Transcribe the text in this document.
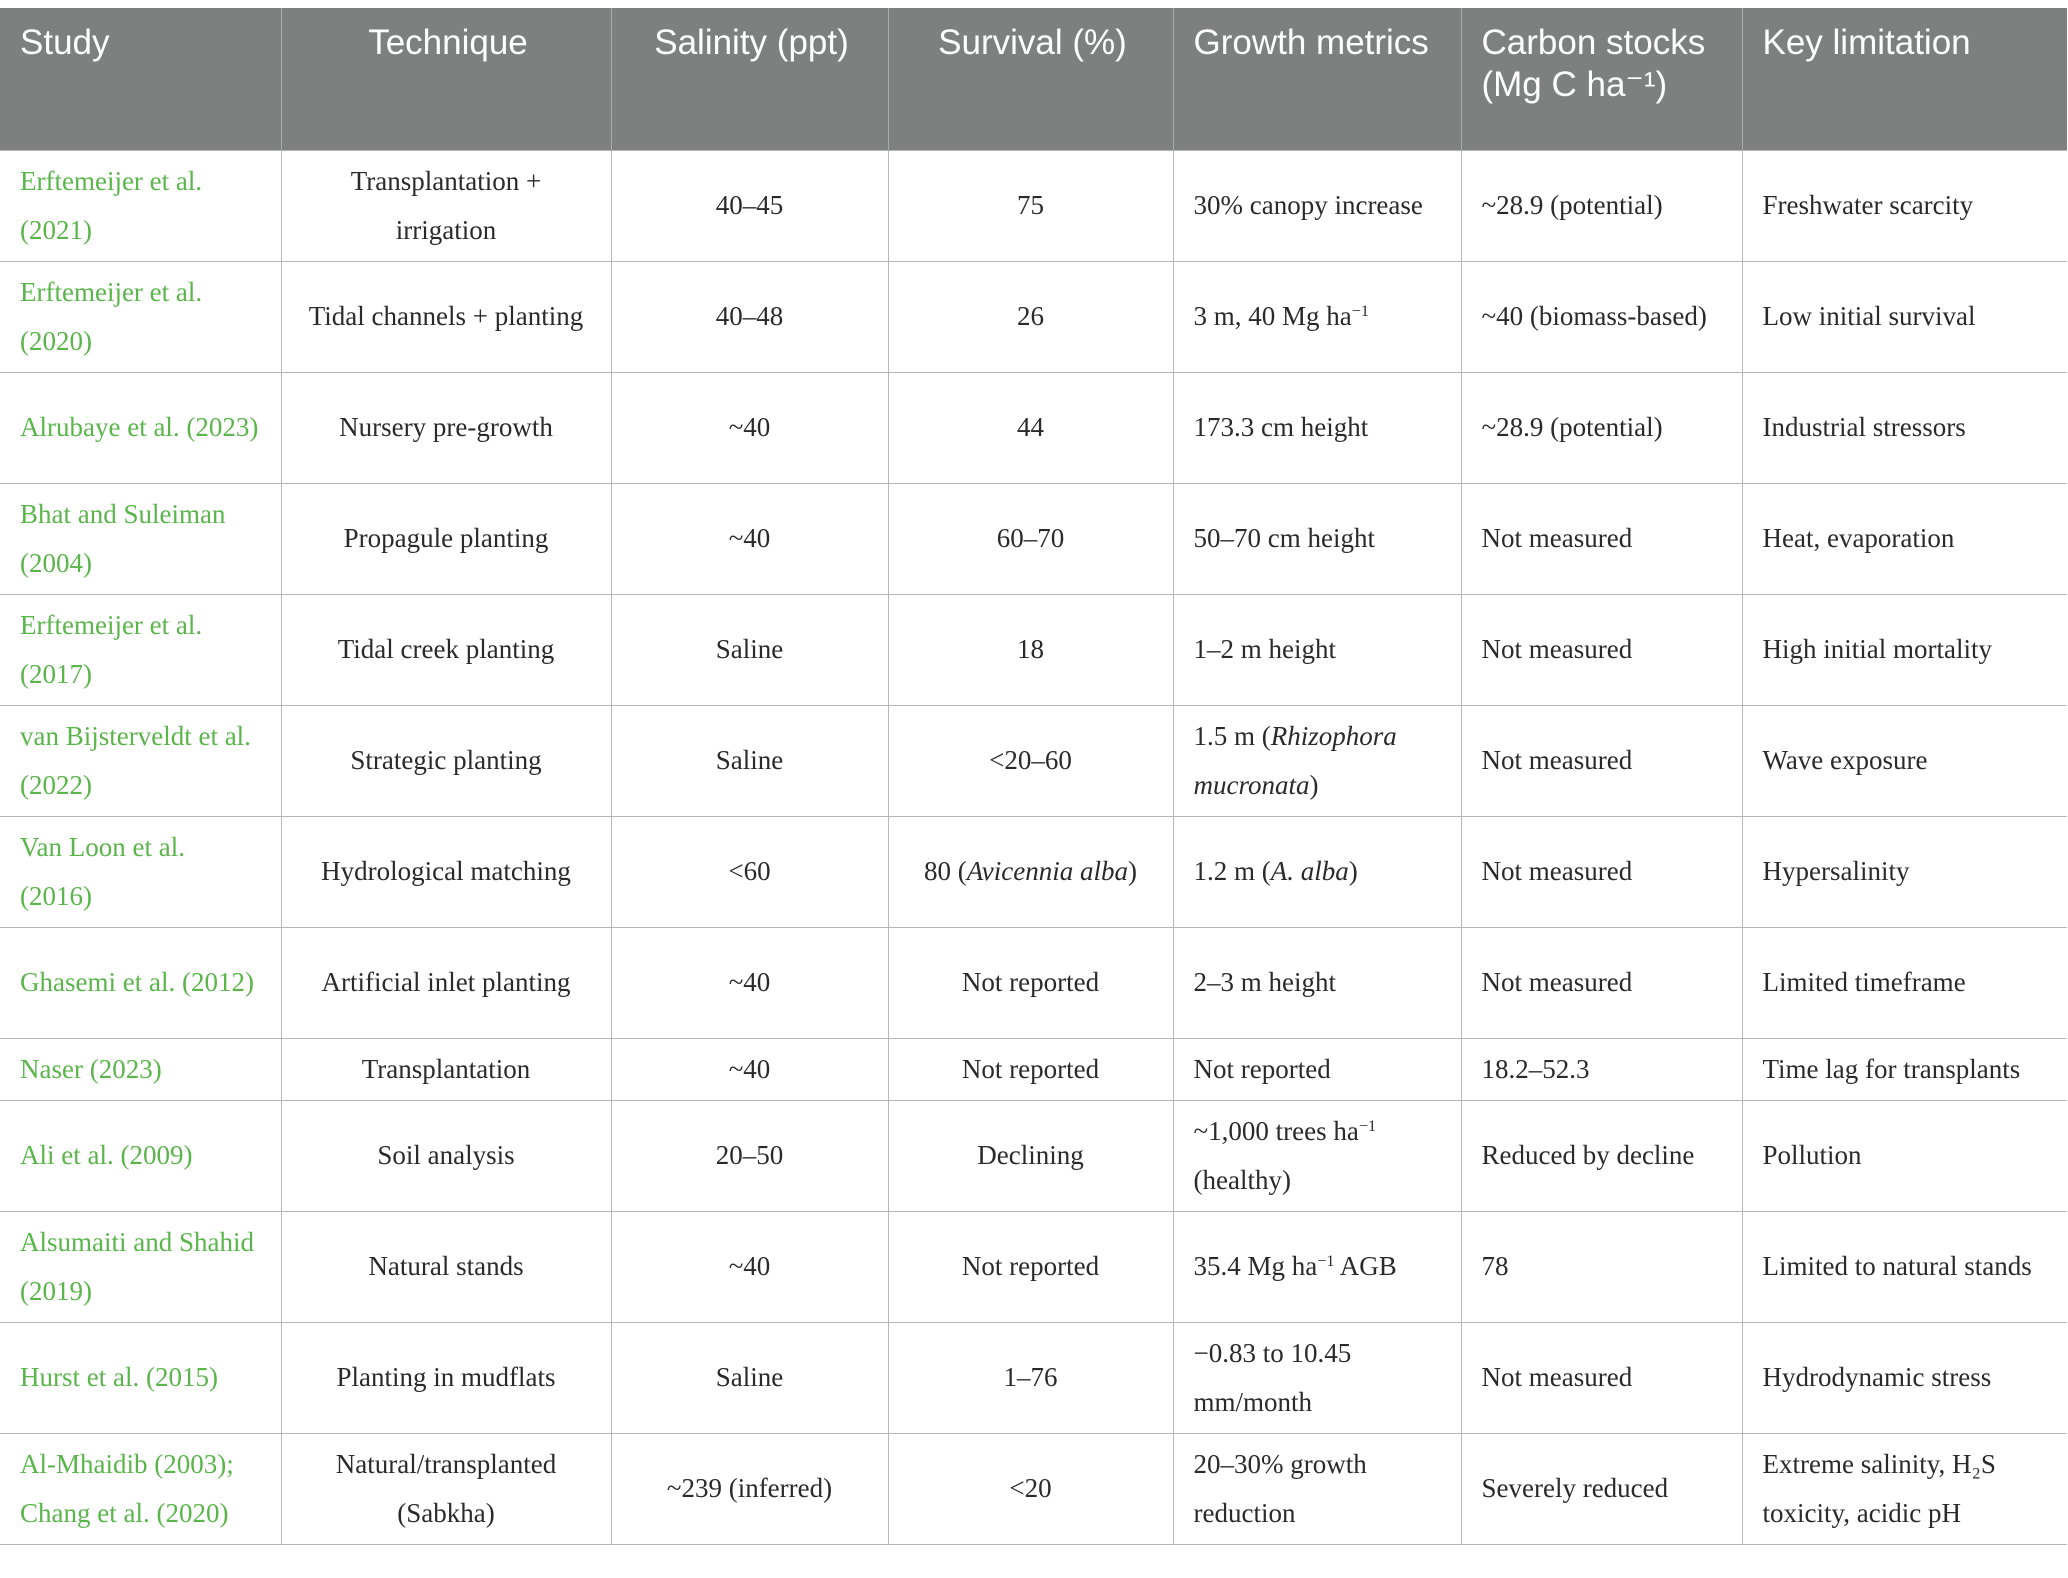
Study	Technique	Salinity (ppt)	Survival (%)	Growth metrics	Carbon stocks (Mg C ha⁻¹)	Key limitation
Erftemeijer et al. (2021)	Transplantation + irrigation	40–45	75	30% canopy increase	~28.9 (potential)	Freshwater scarcity
Erftemeijer et al. (2020)	Tidal channels + planting	40–48	26	3 m, 40 Mg $ha^{-1}$	~40 (biomass-based)	Low initial survival
Alrubaye et al. (2023)	Nursery pre-growth	~40	44	173.3 cm height	~28.9 (potential)	Industrial stressors
Bhat and Suleiman (2004)	Propagule planting	~40	60–70	50–70 cm height	Not measured	Heat, evaporation
Erftemeijer et al. (2017)	Tidal creek planting	Saline	18	1–2 m height	Not measured	High initial mortality
van Bijsterveldt et al. (2022)	Strategic planting	Saline	<20–60	1.5 m (Rhizophora mucronata)	Not measured	Wave exposure
Van Loon et al. (2016)	Hydrological matching	<60	80 (Avicennia alba)	1.2 m (A. alba)	Not measured	Hypersalinity
Ghasemi et al. (2012)	Artificial inlet planting	~40	Not reported	2–3 m height	Not measured	Limited timeframe
Naser (2023)	Transplantation	~40	Not reported	Not reported	18.2–52.3	Time lag for transplants
Ali et al. (2009)	Soil analysis	20–50	Declining	~1,000 trees $ha^{-1}$ (healthy)	Reduced by decline	Pollution
Alsumaiti and Shahid (2019)	Natural stands	~40	Not reported	35.4 Mg $ha^{-1}$ AGB	78	Limited to natural stands
Hurst et al. (2015)	Planting in mudflats	Saline	1–76	−0.83 to 10.45 mm/month	Not measured	Hydrodynamic stress
Al-Mhaidib (2003); Chang et al. (2020)	Natural/transplanted (Sabkha)	~239 (inferred)	<20	20–30% growth reduction	Severely reduced	Extreme salinity, H₂S toxicity, acidic pH
